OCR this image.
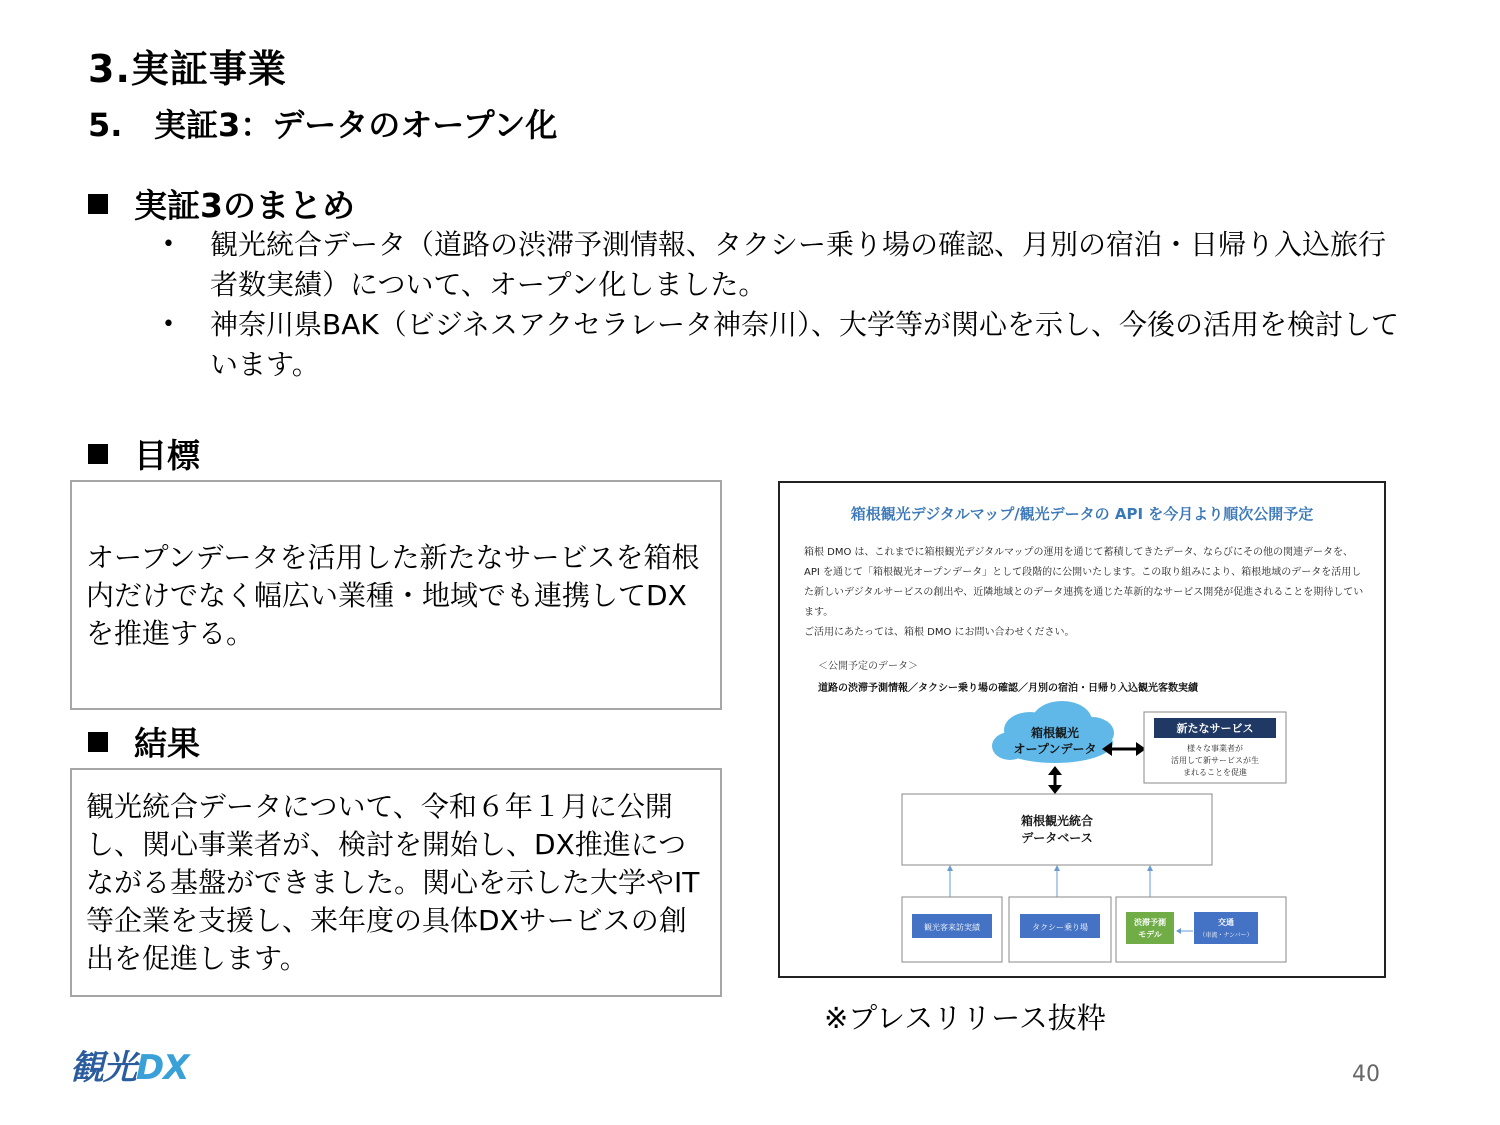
3.実証事業
5. 実証3：データのオープン化
実証3のまとめ
•	観光統合データ（道路の渋滞予測情報、タクシー乗り場の確認、月別の宿泊・日帰り入込旅行者数実績）について、オープン化しました。
•	神奈川県BAK（ビジネスアクセラレータ神奈川）、大学等が関心を示し、今後の活用を検討しています。
目標
オープンデータを活用した新たなサービスを箱根内だけでなく幅広い業種・地域でも連携してDXを推進する。
結果
観光統合データについて、令和６年１月に公開し、関心事業者が、検討を開始し、DX推進につながる基盤ができました。関心を示した大学やIT等企業を支援し、来年度の具体DXサービスの創出を促進します。
箱根観光デジタルマップ/観光データの API を今月より順次公開予定
箱根 DMO は、これまでに箱根観光デジタルマップの運用を通じて蓄積してきたデータ、ならびにその他の関連データを、API を通じて「箱根観光オープンデータ」として段階的に公開いたします。この取り組みにより、箱根地域のデータを活用した新しいデジタルサービスの創出や、近隣地域とのデータ連携を通じた革新的なサービス開発が促進されることを期待しています。
ご活用にあたっては、箱根 DMO にお問い合わせください。
＜公開予定のデータ＞
道路の渋滞予測情報／タクシー乗り場の確認／月別の宿泊・日帰り入込観光客数実績
箱根観光
オープンデータ
新たなサービス
様々な事業者が
活用して新サービスが生
まれることを促進
箱根観光統合
データベース
観光客来訪実績	タクシー乗り場
渋滞予測
モデル
交通
（車流・ナンバー）
※プレスリリース抜粋
観光DX	40
